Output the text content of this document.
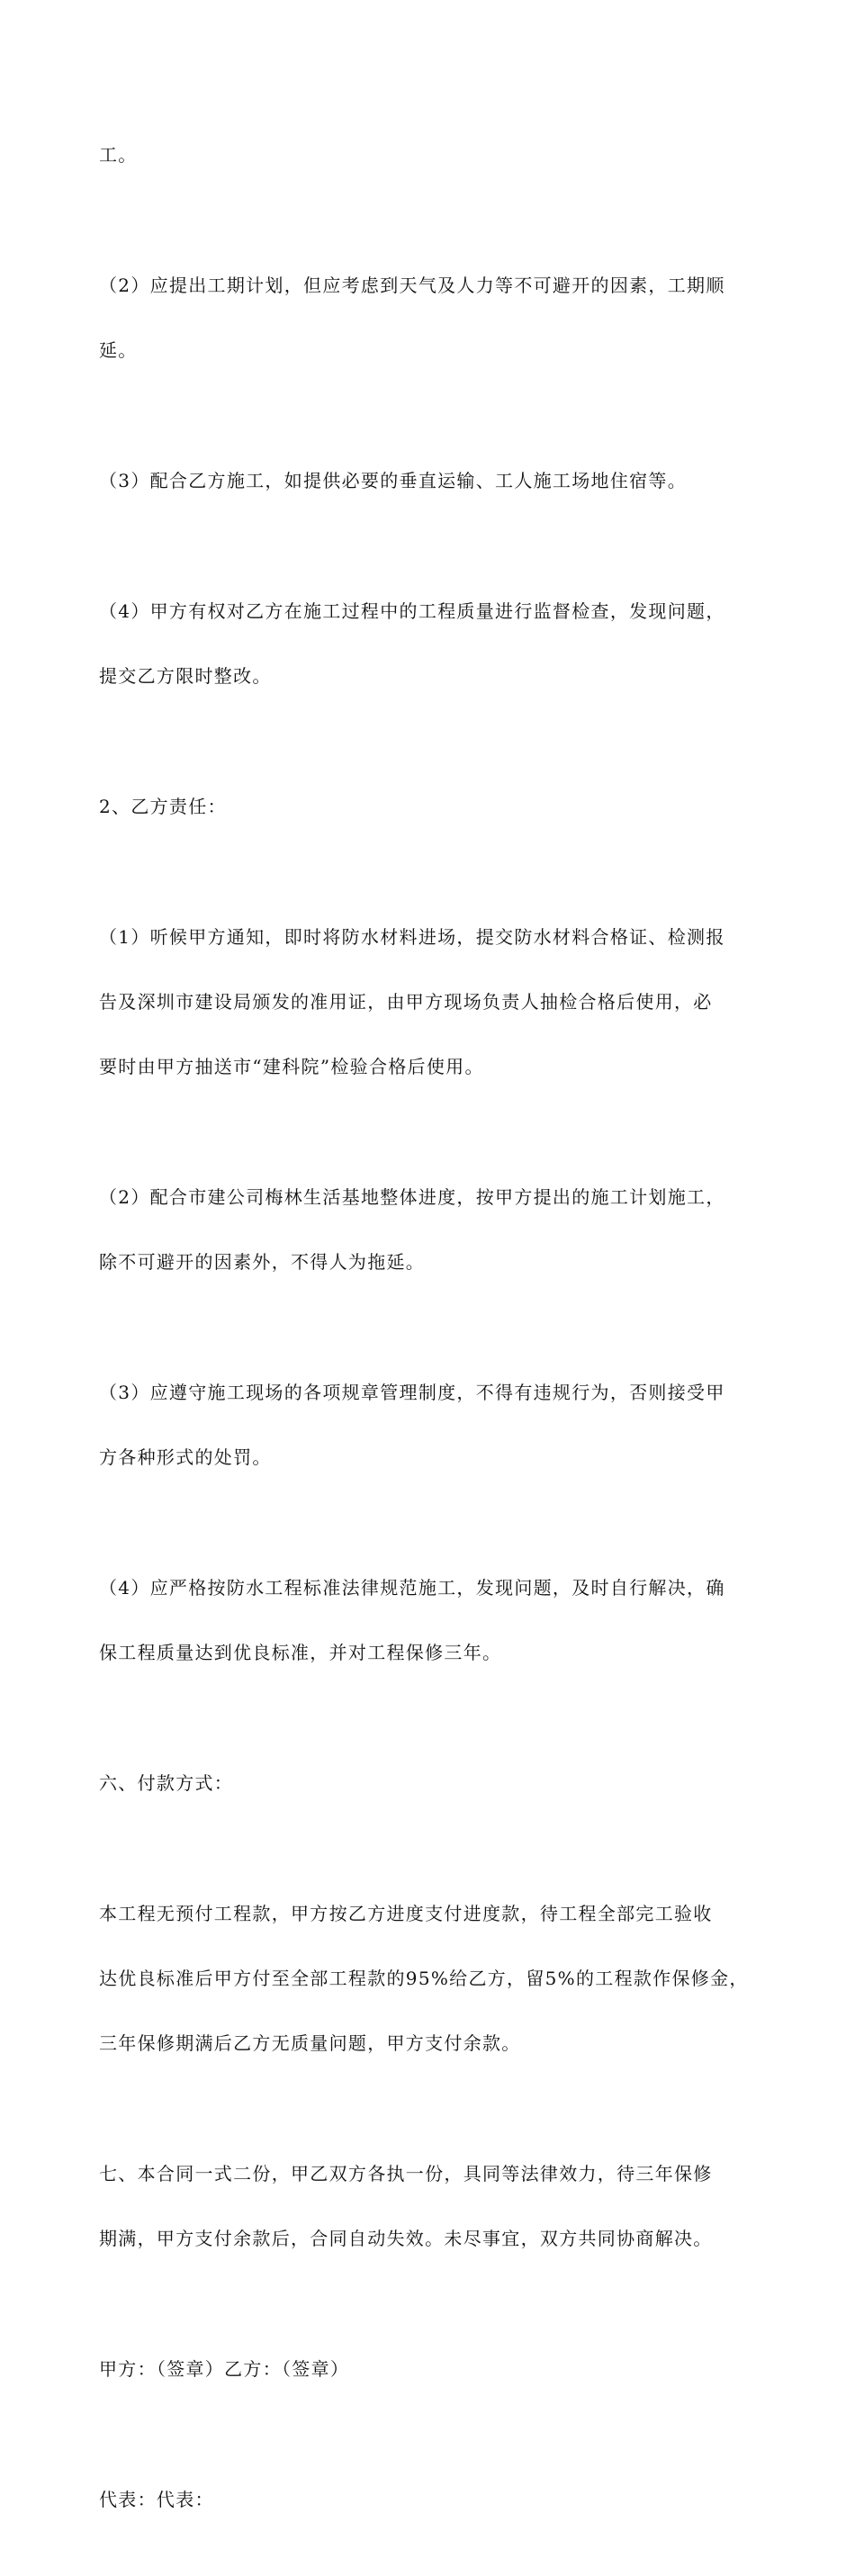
工。

（2）应提出工期计划，但应考虑到天气及人力等不可避开的因素，工期顺

延。

（3）配合乙方施工，如提供必要的垂直运输、工人施工场地住宿等。

（4）甲方有权对乙方在施工过程中的工程质量进行监督检查，发现问题，

提交乙方限时整改。

2、乙方责任：

（1）听候甲方通知，即时将防水材料进场，提交防水材料合格证、检测报

告及深圳市建设局颁发的准用证，由甲方现场负责人抽检合格后使用，必

要时由甲方抽送市“建科院”检验合格后使用。

（2）配合市建公司梅林生活基地整体进度，按甲方提出的施工计划施工，

除不可避开的因素外，不得人为拖延。

（3）应遵守施工现场的各项规章管理制度，不得有违规行为，否则接受甲

方各种形式的处罚。

（4）应严格按防水工程标准法律规范施工，发现问题，及时自行解决，确

保工程质量达到优良标准，并对工程保修三年。

六、付款方式：

本工程无预付工程款，甲方按乙方进度支付进度款，待工程全部完工验收

达优良标准后甲方付至全部工程款的95%给乙方，留5%的工程款作保修金，

三年保修期满后乙方无质量问题，甲方支付余款。

七、本合同一式二份，甲乙双方各执一份，具同等法律效力，待三年保修

期满，甲方支付余款后，合同自动失效。未尽事宜，双方共同协商解决。

甲方：（签章）乙方：（签章）

代表：代表：
